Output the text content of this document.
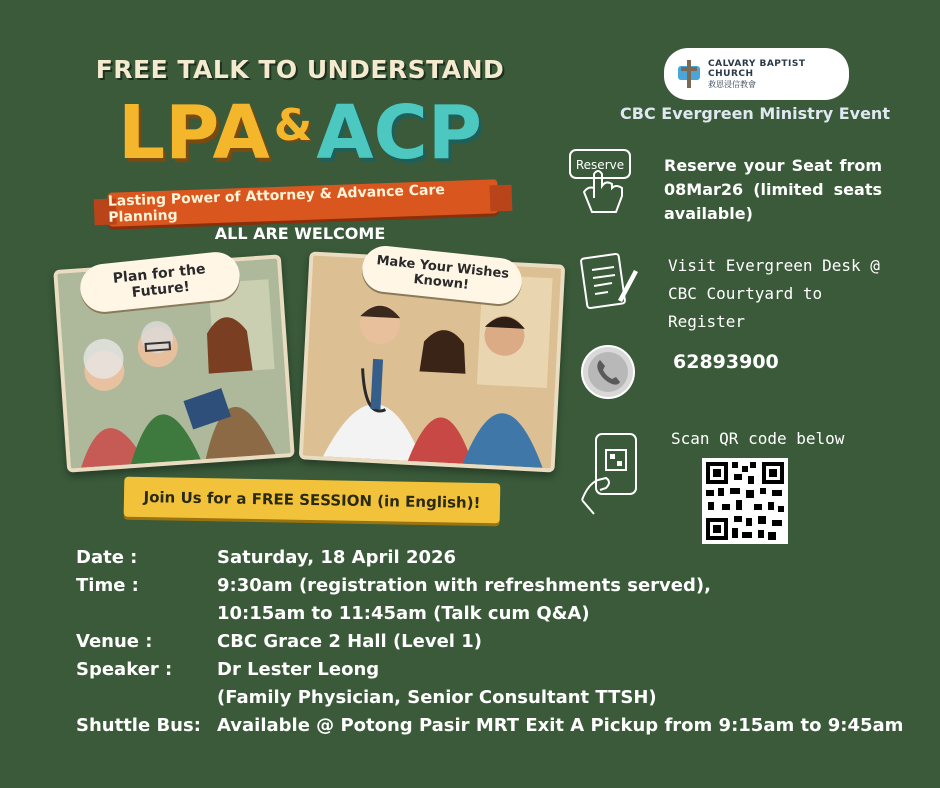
FREE TALK TO UNDERSTAND
LPA&ACP
Lasting Power of Attorney & Advance Care Planning
ALL ARE WELCOME
Plan for the Future!
Make Your Wishes Known!
Join Us for a FREE SESSION (in English)!
CALVARY BAPTIST CHURCH
救恩浸信教會
CBC Evergreen Ministry Event
Reserve Reserve your Seat from 08Mar26 (limited seats available)
Visit Evergreen Desk @ CBC Courtyard to Register
62893900
Scan QR code below
Date :	Saturday, 18 April 2026
Time :	9:30am (registration with refreshments served),
10:15am to 11:45am (Talk cum Q&A)
Venue :	CBC Grace 2 Hall (Level 1)
Speaker :	Dr Lester Leong
(Family Physician, Senior Consultant TTSH)
Shuttle Bus: Available @ Potong Pasir MRT Exit A Pickup from 9:15am to 9:45am
